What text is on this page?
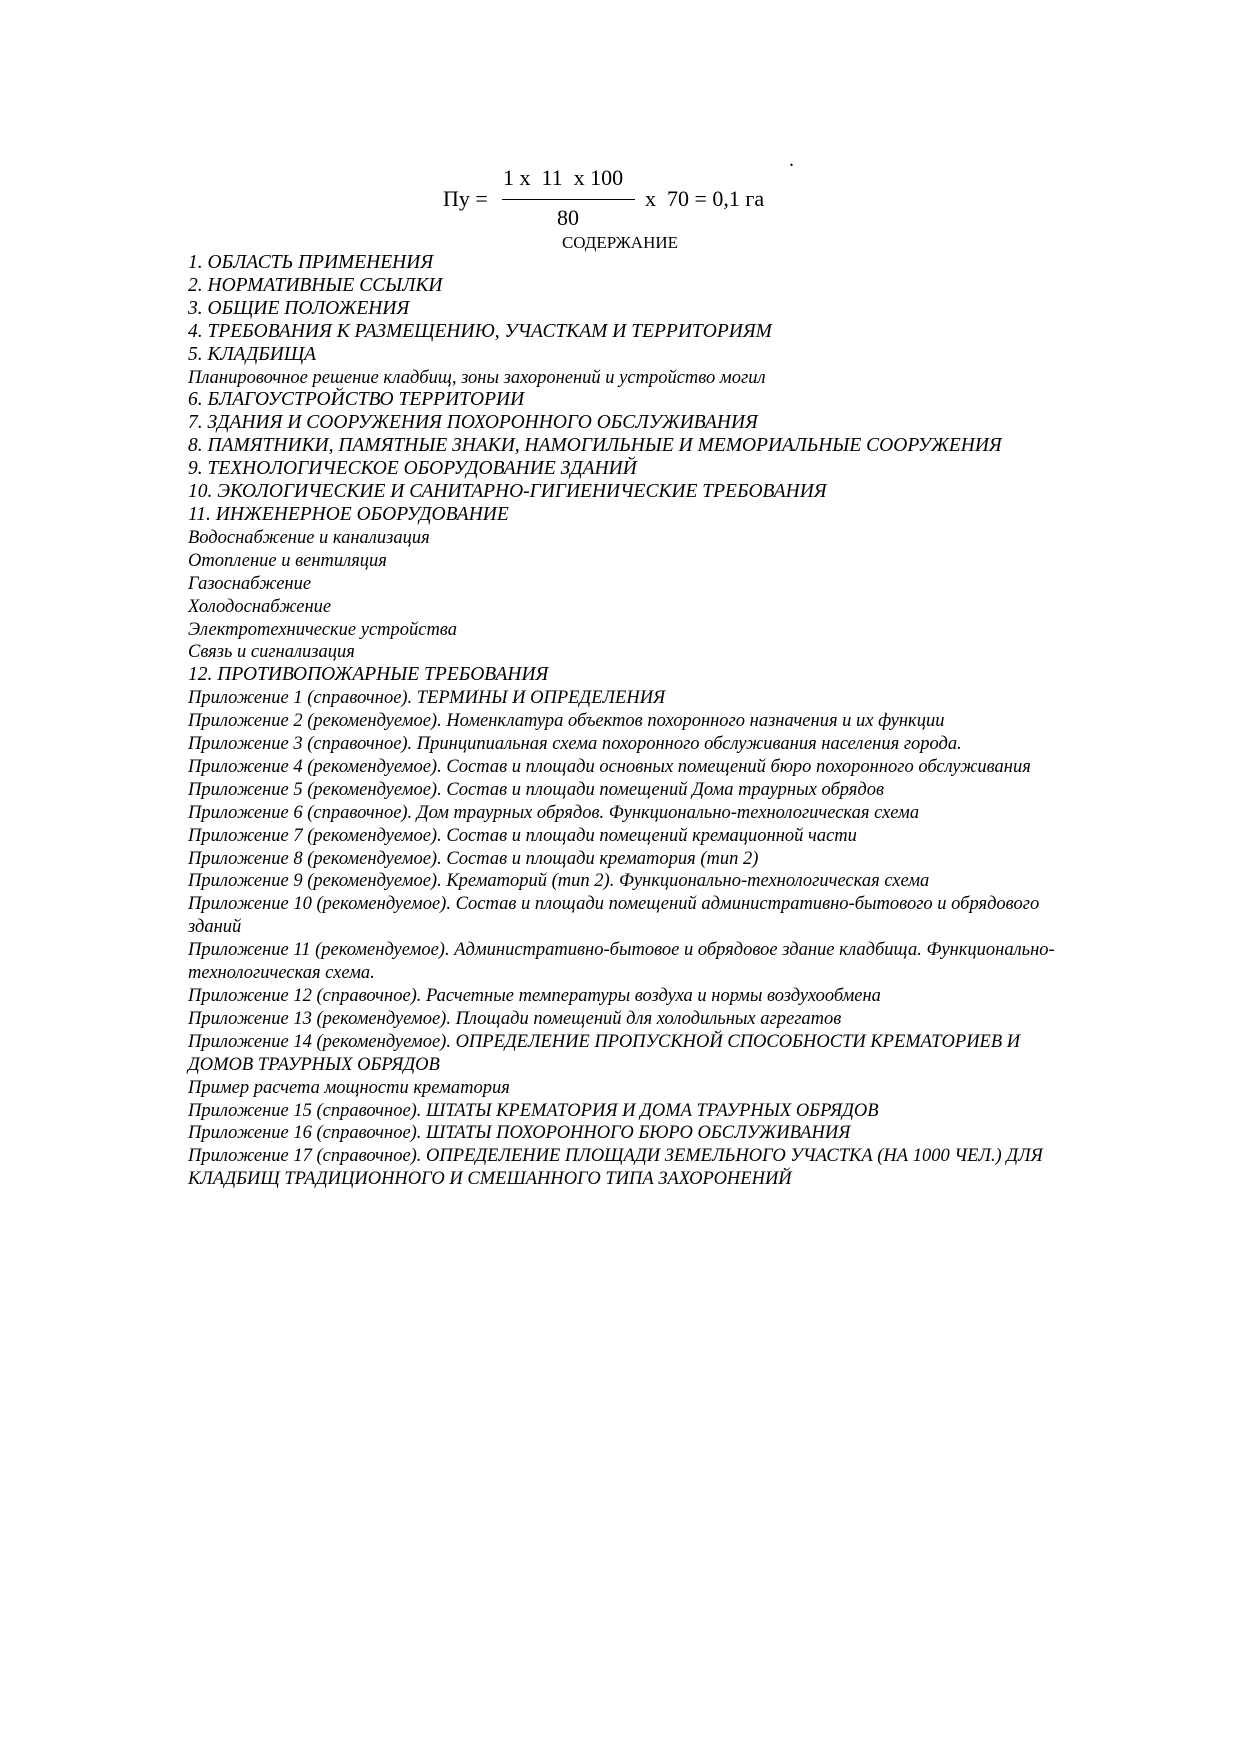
.
Пу =
1 х  11  х 100
80
х  70 = 0,1 га
СОДЕРЖАНИЕ
1. ОБЛАСТЬ ПРИМЕНЕНИЯ
2. НОРМАТИВНЫЕ ССЫЛКИ
3. ОБЩИЕ ПОЛОЖЕНИЯ
4. ТРЕБОВАНИЯ К РАЗМЕЩЕНИЮ, УЧАСТКАМ И ТЕРРИТОРИЯМ
5. КЛАДБИЩА
Планировочное решение кладбищ, зоны захоронений и устройство могил
6. БЛАГОУСТРОЙСТВО ТЕРРИТОРИИ
7. ЗДАНИЯ И СООРУЖЕНИЯ ПОХОРОННОГО ОБСЛУЖИВАНИЯ
8. ПАМЯТНИКИ, ПАМЯТНЫЕ ЗНАКИ, НАМОГИЛЬНЫЕ И МЕМОРИАЛЬНЫЕ СООРУЖЕНИЯ
9. ТЕХНОЛОГИЧЕСКОЕ ОБОРУДОВАНИЕ ЗДАНИЙ
10. ЭКОЛОГИЧЕСКИЕ И САНИТАРНО-ГИГИЕНИЧЕСКИЕ ТРЕБОВАНИЯ
11. ИНЖЕНЕРНОЕ ОБОРУДОВАНИЕ
Водоснабжение и канализация
Отопление и вентиляция
Газоснабжение
Холодоснабжение
Электротехнические устройства
Связь и сигнализация
12. ПРОТИВОПОЖАРНЫЕ ТРЕБОВАНИЯ
Приложение 1 (справочное). ТЕРМИНЫ И ОПРЕДЕЛЕНИЯ
Приложение 2 (рекомендуемое). Номенклатура объектов похоронного назначения и их функции
Приложение 3 (справочное). Принципиальная схема похоронного обслуживания населения города.
Приложение 4 (рекомендуемое). Состав и площади основных помещений бюро похоронного обслуживания
Приложение 5 (рекомендуемое). Состав и площади помещений Дома траурных обрядов
Приложение 6 (справочное). Дом траурных обрядов. Функционально-технологическая схема
Приложение 7 (рекомендуемое). Состав и площади помещений кремационной части
Приложение 8 (рекомендуемое). Состав и площади крематория (тип 2)
Приложение 9 (рекомендуемое). Крематорий (тип 2). Функционально-технологическая схема
Приложение 10 (рекомендуемое). Состав и площади помещений административно-бытового и обрядового зданий
Приложение 11 (рекомендуемое). Административно-бытовое и обрядовое здание кладбища. Функционально-технологическая схема.
Приложение 12 (справочное). Расчетные температуры воздуха и нормы воздухообмена
Приложение 13 (рекомендуемое). Площади помещений для холодильных агрегатов
Приложение 14 (рекомендуемое). ОПРЕДЕЛЕНИЕ ПРОПУСКНОЙ СПОСОБНОСТИ КРЕМАТОРИЕВ И ДОМОВ ТРАУРНЫХ ОБРЯДОВ
Пример расчета мощности крематория
Приложение 15 (справочное). ШТАТЫ КРЕМАТОРИЯ И ДОМА ТРАУРНЫХ ОБРЯДОВ
Приложение 16 (справочное). ШТАТЫ ПОХОРОННОГО БЮРО ОБСЛУЖИВАНИЯ
Приложение 17 (справочное). ОПРЕДЕЛЕНИЕ ПЛОЩАДИ ЗЕМЕЛЬНОГО УЧАСТКА (НА 1000 ЧЕЛ.) ДЛЯ КЛАДБИЩ ТРАДИЦИОННОГО И СМЕШАННОГО ТИПА ЗАХОРОНЕНИЙ
